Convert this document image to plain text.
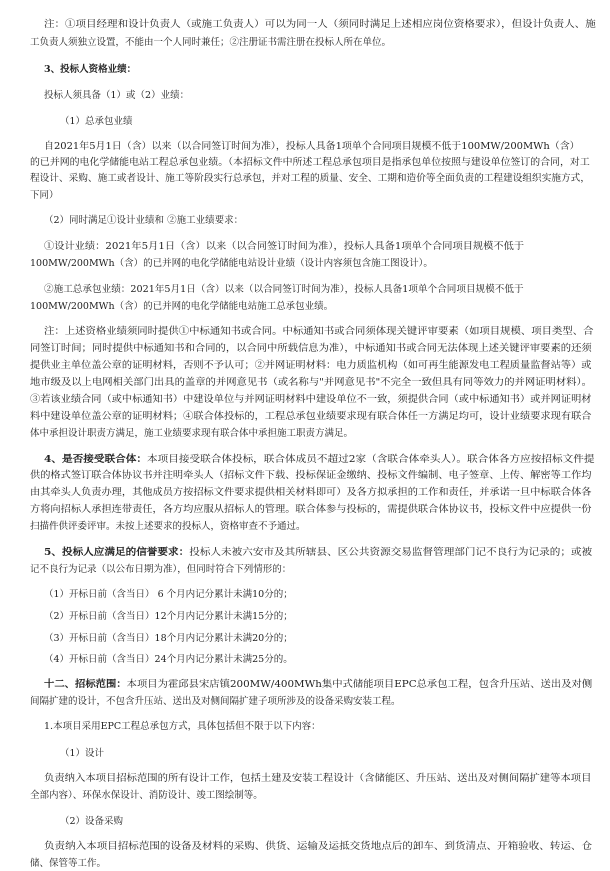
注：①项目经理和设计负责人（或施工负责人）可以为同一人（须同时满足上述相应岗位资格要求），但设计负责人、施
工负责人须独立设置，不能由一个人同时兼任；②注册证书需注册在投标人所在单位。
3、投标人资格业绩：
投标人须具备（1）或（2）业绩：
（1）总承包业绩
自2021年5月1日（含）以来（以合同签订时间为准），投标人具备1项单个合同项目规模不低于100MW/200MWh（含）
的已并网的电化学储能电站工程总承包业绩。（本招标文件中所述工程总承包项目是指承包单位按照与建设单位签订的合同，对工
程设计、采购、施工或者设计、施工等阶段实行总承包，并对工程的质量、安全、工期和造价等全面负责的工程建设组织实施方式，
下同）
（2）同时满足①设计业绩和 ②施工业绩要求：
①设计业绩：2021年5月1日（含）以来（以合同签订时间为准），投标人具备1项单个合同项目规模不低于
100MW/200MWh（含）的已并网的电化学储能电站设计业绩（设计内容须包含施工图设计）。
②施工总承包业绩：2021年5月1日（含）以来（以合同签订时间为准），投标人具备1项单个合同项目规模不低于
100MW/200MWh（含）的已并网的电化学储能电站施工总承包业绩。
注：上述资格业绩须同时提供①中标通知书或合同。中标通知书或合同须体现关键评审要素（如项目规模、项目类型、合
同签订时间；同时提供中标通知书和合同的，以合同中所载信息为准），中标通知书或合同无法体现上述关键评审要素的还须
提供业主单位盖公章的证明材料，否则不予认可；②并网证明材料：电力质监机构（如可再生能源发电工程质量监督站等）或
地市级及以上电网相关部门出具的盖章的并网意见书（或名称与"并网意见书"不完全一致但具有同等效力的并网证明材料）。
③若该业绩合同（或中标通知书）中建设单位与并网证明材料中建设单位不一致，须提供合同（或中标通知书）或并网证明材
料中建设单位盖公章的证明材料；④联合体投标的，工程总承包业绩要求现有联合体任一方满足均可，设计业绩要求现有联合
体中承担设计职责方满足，施工业绩要求现有联合体中承担施工职责方满足。
4、是否接受联合体：本项目接受联合体投标，联合体成员不超过2家（含联合体牵头人）。联合体各方应按招标文件提
供的格式签订联合体协议书并注明牵头人（招标文件下载、投标保证金缴纳、投标文件编制、电子签章、上传、解密等工作均
由其牵头人负责办理，其他成员方按招标文件要求提供相关材料即可）及各方拟承担的工作和责任，并承诺一旦中标联合体各
方将向招标人承担连带责任，各方均应服从招标人的管理。联合体参与投标的，需提供联合体协议书，投标文件中应提供一份
扫描件供评委评审。未按上述要求的投标人，资格审查不予通过。
5、投标人应满足的信誉要求：投标人未被六安市及其所辖县、区公共资源交易监督管理部门记不良行为记录的；或被
记不良行为记录（以公布日期为准），但同时符合下列情形的：
（1）开标日前（含当日） 6 个月内记分累计未满10分的；
（2）开标日前（含当日）12个月内记分累计未满15分的；
（3）开标日前（含当日）18个月内记分累计未满20分的；
（4）开标日前（含当日）24个月内记分累计未满25分的。
十二、招标范围：本项目为霍邱县宋店镇200MW/400MWh集中式储能项目EPC总承包工程，包含升压站、送出及对侧
间隔扩建的设计，不包含升压站、送出及对侧间隔扩建子项所涉及的设备采购安装工程。
1.本项目采用EPC工程总承包方式，具体包括但不限于以下内容：
（1）设计
负责纳入本项目招标范围的所有设计工作，包括土建及安装工程设计（含储能区、升压站、送出及对侧间隔扩建等本项目
全部内容）、环保水保设计、消防设计、竣工图绘制等。
（2）设备采购
负责纳入本项目招标范围的设备及材料的采购、供货、运输及运抵交货地点后的卸车、到货清点、开箱验收、转运、仓
储、保管等工作。
